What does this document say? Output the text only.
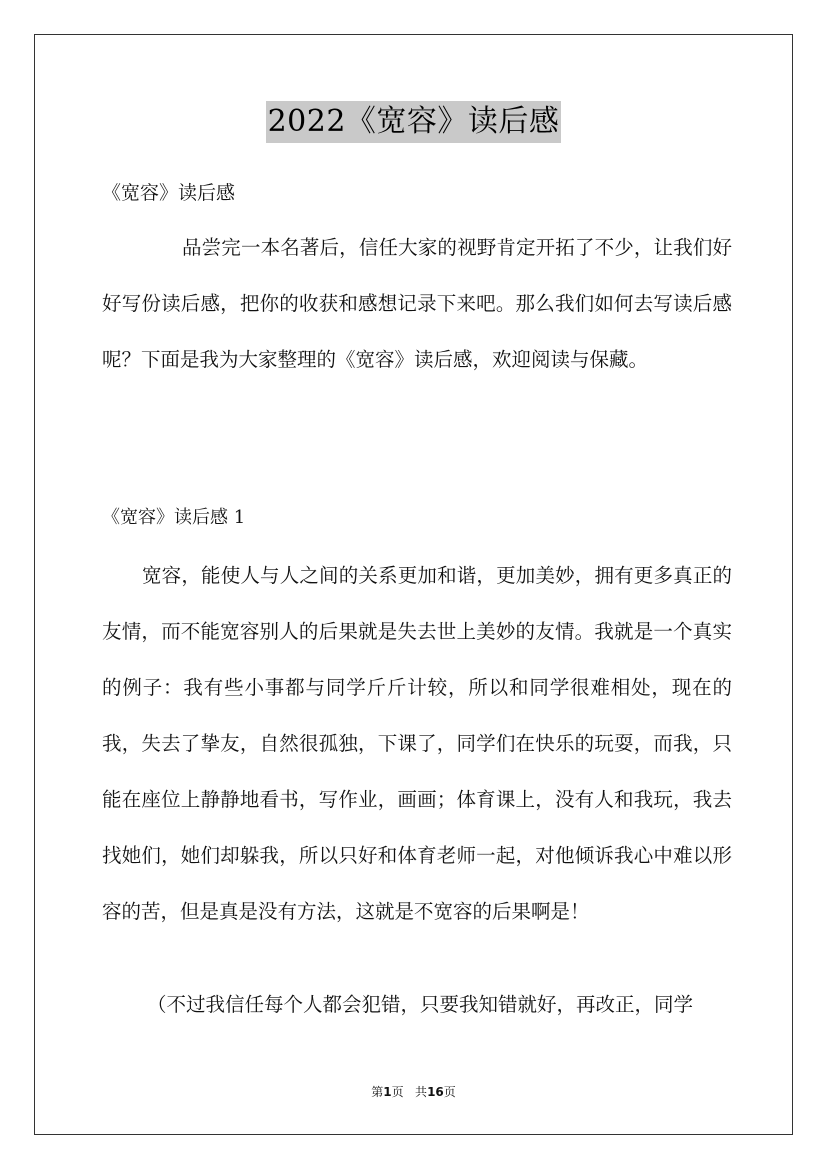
2022《宽容》读后感
《宽容》读后感

品尝完一本名著后，信任大家的视野肯定开拓了不少，让我们好好写份读后感，把你的收获和感想记录下来吧。那么我们如何去写读后感呢？下面是我为大家整理的《宽容》读后感，欢迎阅读与保藏。

《宽容》读后感 1

宽容，能使人与人之间的关系更加和谐，更加美妙，拥有更多真正的友情，而不能宽容别人的后果就是失去世上美妙的友情。我就是一个真实的例子：我有些小事都与同学斤斤计较，所以和同学很难相处，现在的我，失去了挚友，自然很孤独，下课了，同学们在快乐的玩耍，而我，只能在座位上静静地看书，写作业，画画；体育课上，没有人和我玩，我去找她们，她们却躲我，所以只好和体育老师一起，对他倾诉我心中难以形容的苦，但是真是没有方法，这就是不宽容的后果啊是！

（不过我信任每个人都会犯错，只要我知错就好，再改正，同学

第1页 共16页
